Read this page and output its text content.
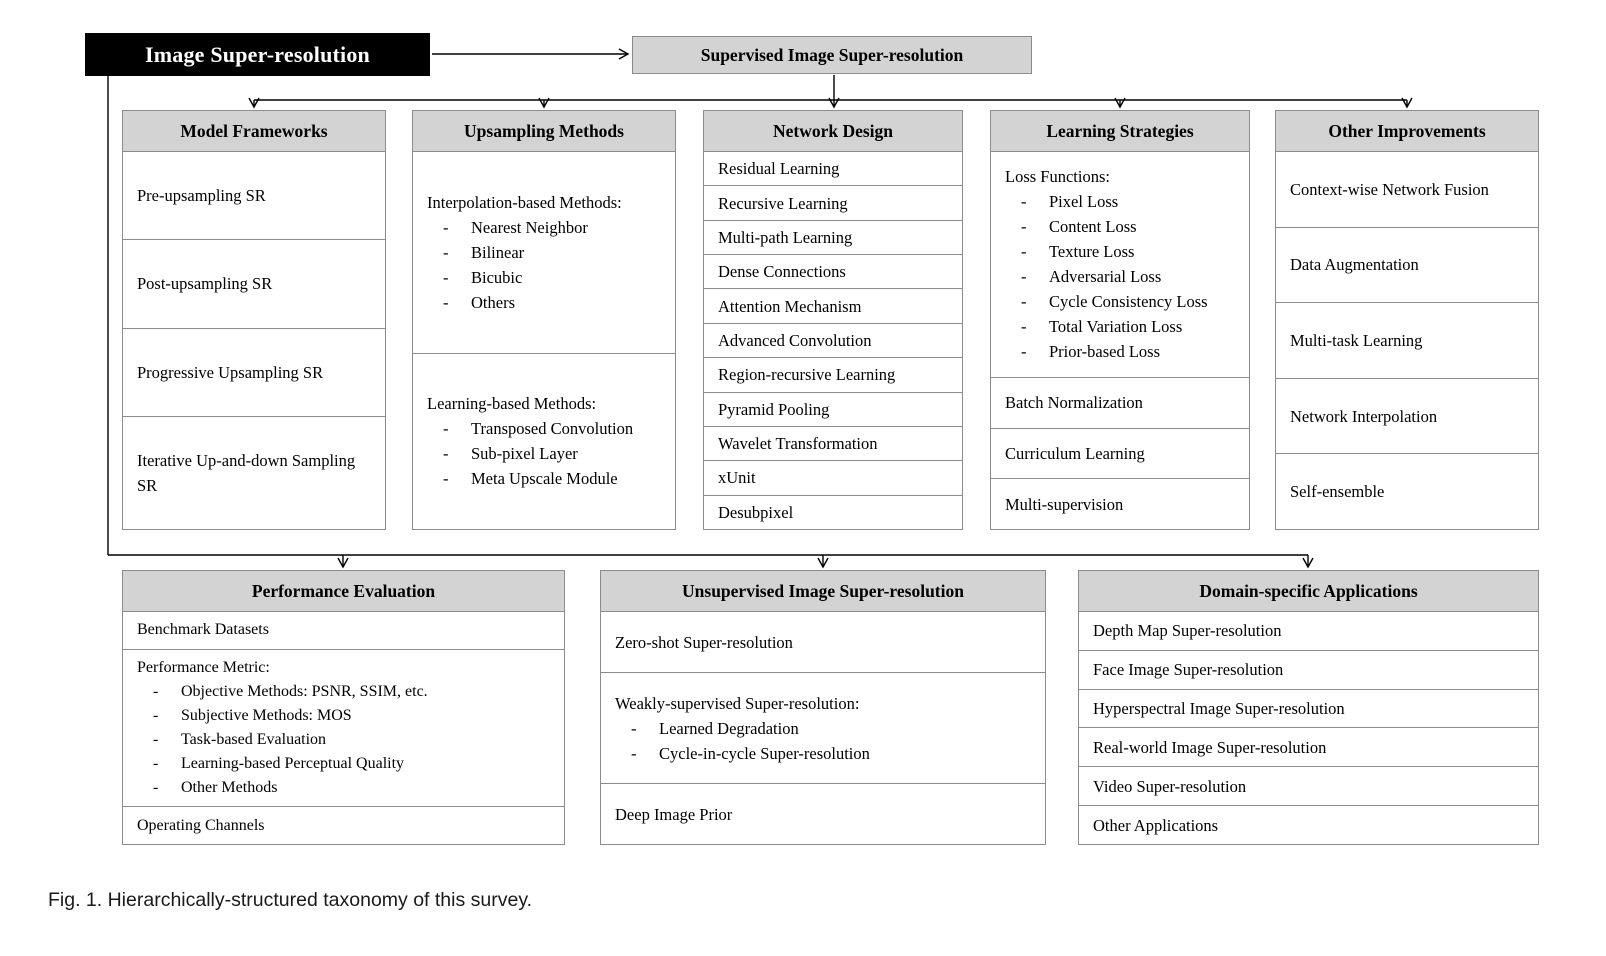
Image Super-resolution	Supervised Image Super-resolution
Model Frameworks
Pre-upsampling SR
Post-upsampling SR
Progressive Upsampling SR
Iterative Up-and-down Sampling SR
Upsampling Methods
Interpolation-based Methods:
- Nearest Neighbor
- Bilinear
- Bicubic
- Others
Learning-based Methods:
- Transposed Convolution
- Sub-pixel Layer
- Meta Upscale Module
Network Design
Residual Learning
Recursive Learning
Multi-path Learning
Dense Connections
Attention Mechanism
Advanced Convolution
Region-recursive Learning
Pyramid Pooling
Wavelet Transformation
xUnit
Desubpixel
Learning Strategies
Loss Functions:
- Pixel Loss
- Content Loss
- Texture Loss
- Adversarial Loss
- Cycle Consistency Loss
- Total Variation Loss
- Prior-based Loss
Batch Normalization
Curriculum Learning
Multi-supervision
Other Improvements
Context-wise Network Fusion
Data Augmentation
Multi-task Learning
Network Interpolation
Self-ensemble
Performance Evaluation
Benchmark Datasets
Performance Metric:
- Objective Methods: PSNR, SSIM, etc.
- Subjective Methods: MOS
- Task-based Evaluation
- Learning-based Perceptual Quality
- Other Methods
Operating Channels
Unsupervised Image Super-resolution
Zero-shot Super-resolution
Weakly-supervised Super-resolution:
- Learned Degradation
- Cycle-in-cycle Super-resolution
Deep Image Prior
Domain-specific Applications
Depth Map Super-resolution
Face Image Super-resolution
Hyperspectral Image Super-resolution
Real-world Image Super-resolution
Video Super-resolution
Other Applications
Fig. 1. Hierarchically-structured taxonomy of this survey.
